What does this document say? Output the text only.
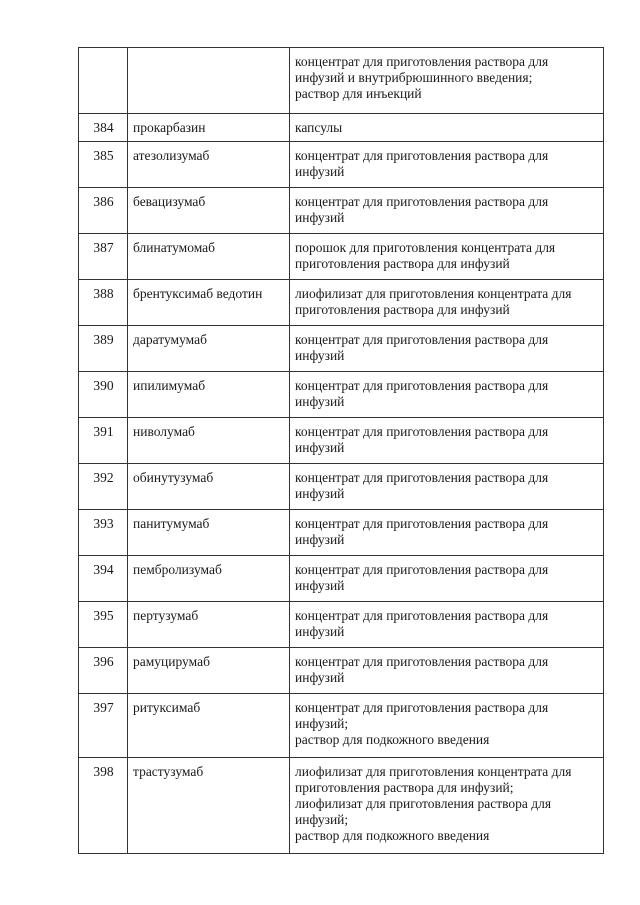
		концентрат для приготовления раствора для инфузий и внутрибрюшинного введения;
раствор для инъекций

384	прокарбазин	капсулы

385	атезолизумаб	концентрат для приготовления раствора для инфузий

386	бевацизумаб	концентрат для приготовления раствора для инфузий

387	блинатумомаб	порошок для приготовления концентрата для приготовления раствора для инфузий

388	брентуксимаб ведотин	лиофилизат для приготовления концентрата для приготовления раствора для инфузий

389	даратумумаб	концентрат для приготовления раствора для инфузий

390	ипилимумаб	концентрат для приготовления раствора для инфузий

391	ниволумаб	концентрат для приготовления раствора для инфузий

392	обинутузумаб	концентрат для приготовления раствора для инфузий

393	панитумумаб	концентрат для приготовления раствора для инфузий

394	пембролизумаб	концентрат для приготовления раствора для инфузий

395	пертузумаб	концентрат для приготовления раствора для инфузий

396	рамуцирумаб	концентрат для приготовления раствора для инфузий

397	ритуксимаб	концентрат для приготовления раствора для инфузий;
раствор для подкожного введения

398	трастузумаб	лиофилизат для приготовления концентрата для приготовления раствора для инфузий;
лиофилизат для приготовления раствора для инфузий;
раствор для подкожного введения
